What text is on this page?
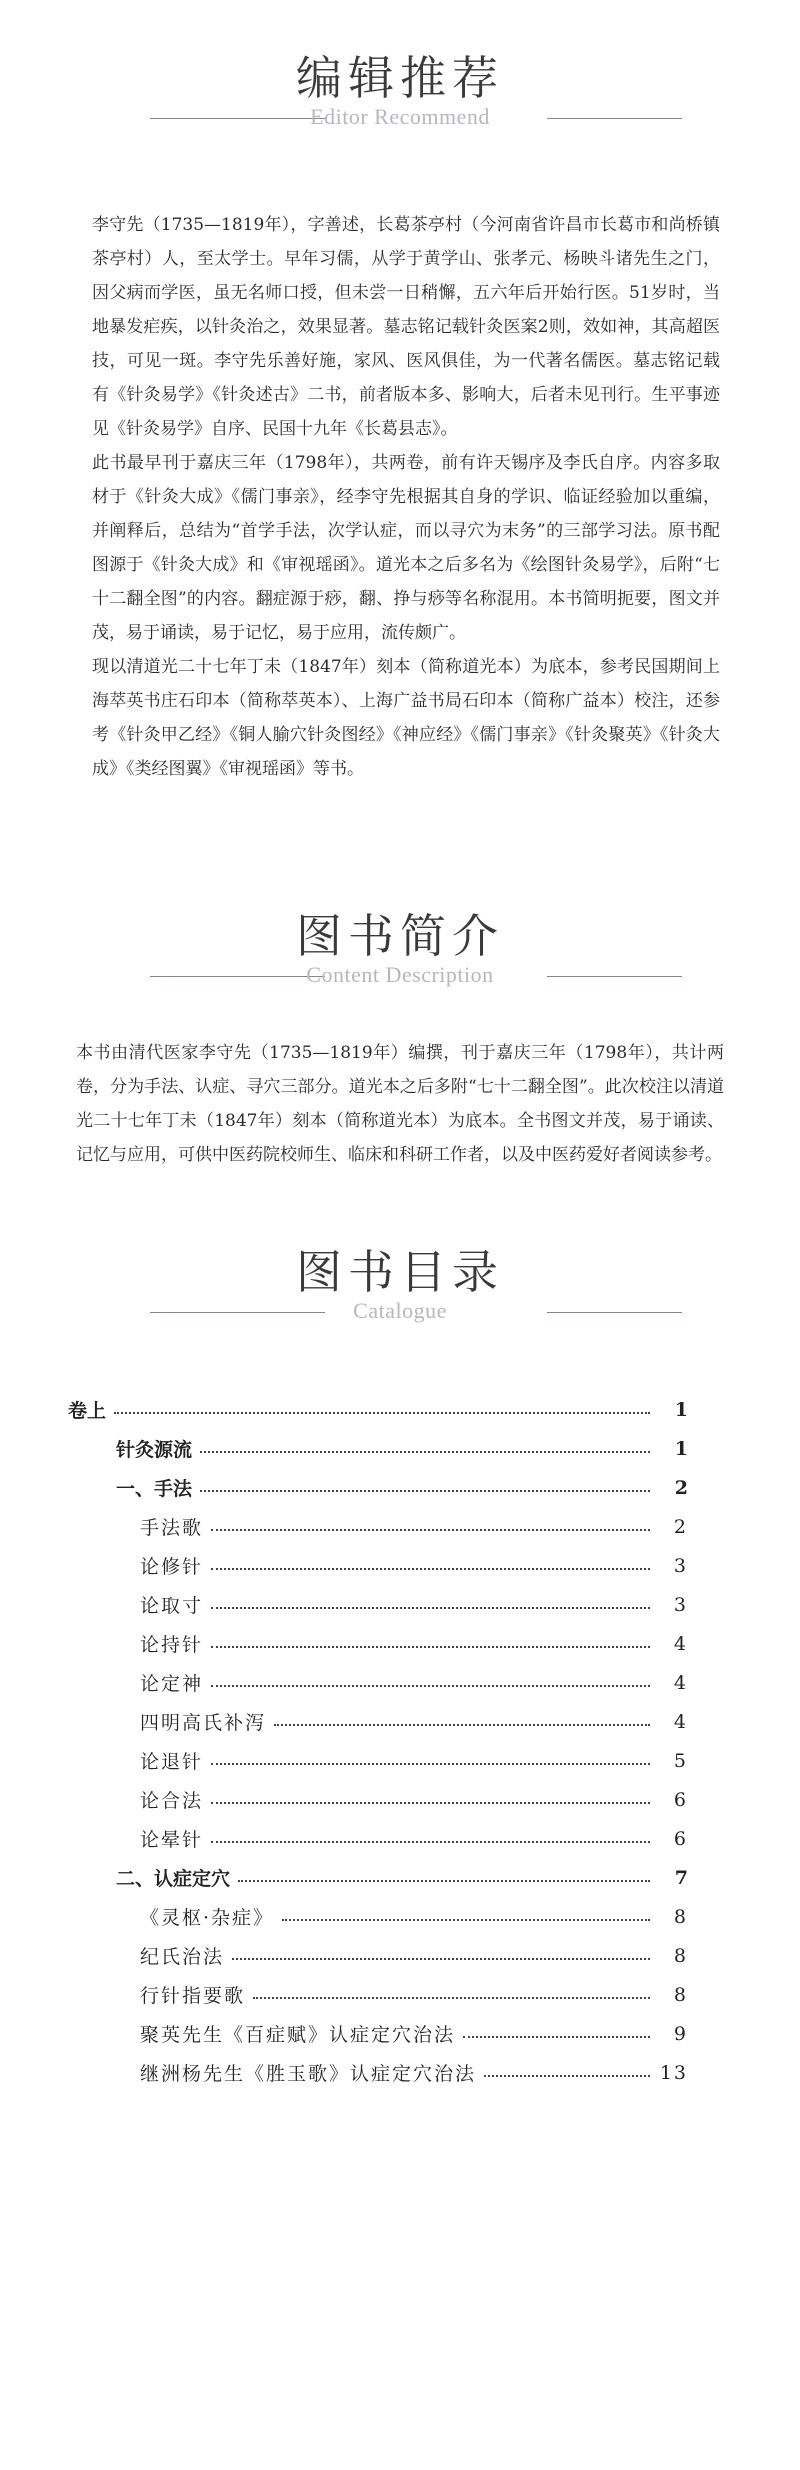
编辑推荐
Editor Recommend

李守先（1735—1819年），字善述，长葛茶亭村（今河南省许昌市长葛市和尚桥镇茶亭村）人，至太学士。早年习儒，从学于黄学山、张孝元、杨映斗诸先生之门，因父病而学医，虽无名师口授，但未尝一日稍懈，五六年后开始行医。51岁时，当地暴发疟疾，以针灸治之，效果显著。墓志铭记载针灸医案2则，效如神，其高超医技，可见一斑。李守先乐善好施，家风、医风俱佳，为一代著名儒医。墓志铭记载有《针灸易学》《针灸述古》二书，前者版本多、影响大，后者未见刊行。生平事迹见《针灸易学》自序、民国十九年《长葛县志》。

此书最早刊于嘉庆三年（1798年），共两卷，前有许天锡序及李氏自序。内容多取材于《针灸大成》《儒门事亲》，经李守先根据其自身的学识、临证经验加以重编，并阐释后，总结为“首学手法，次学认症，而以寻穴为末务”的三部学习法。原书配图源于《针灸大成》和《审视瑶函》。道光本之后多名为《绘图针灸易学》，后附“七十二翻全图”的内容。翻症源于痧，翻、挣与痧等名称混用。本书简明扼要，图文并茂，易于诵读，易于记忆，易于应用，流传颇广。

现以清道光二十七年丁未（1847年）刻本（简称道光本）为底本，参考民国期间上海萃英书庄石印本（简称萃英本）、上海广益书局石印本（简称广益本）校注，还参考《针灸甲乙经》《铜人腧穴针灸图经》《神应经》《儒门事亲》《针灸聚英》《针灸大成》《类经图翼》《审视瑶函》等书。

图书简介
Content Description

本书由清代医家李守先（1735—1819年）编撰，刊于嘉庆三年（1798年），共计两卷，分为手法、认症、寻穴三部分。道光本之后多附“七十二翻全图”。此次校注以清道光二十七年丁未（1847年）刻本（简称道光本）为底本。全书图文并茂，易于诵读、记忆与应用，可供中医药院校师生、临床和科研工作者，以及中医药爱好者阅读参考。

图书目录
Catalogue
卷上	1
针灸源流	1
一、手法	2
手法歌	2
论修针	3
论取寸	3
论持针	4
论定神	4
四明高氏补泻	4
论退针	5
论合法	6
论晕针	6
二、认症定穴	7
《灵枢·杂症》	8
纪氏治法	8
行针指要歌	8
聚英先生《百症赋》认症定穴治法	9
继洲杨先生《胜玉歌》认症定穴治法	13
